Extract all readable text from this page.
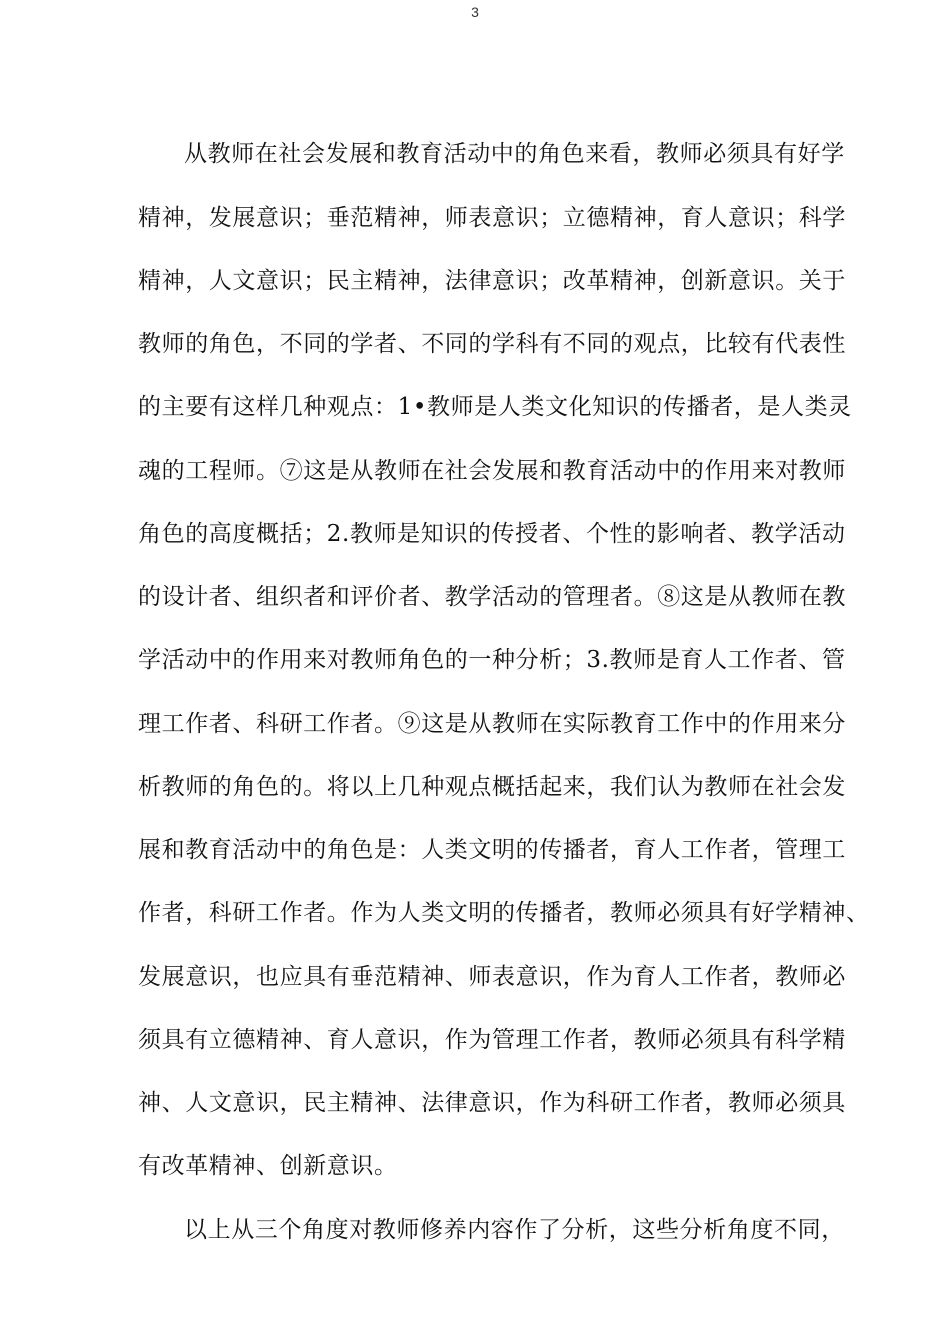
3
从教师在社会发展和教育活动中的角色来看，教师必须具有好学
精神，发展意识；垂范精神，师表意识；立德精神，育人意识；科学
精神，人文意识；民主精神，法律意识；改革精神，创新意识。关于
教师的角色，不同的学者、不同的学科有不同的观点，比较有代表性
的主要有这样几种观点：1•教师是人类文化知识的传播者，是人类灵
魂的工程师。⑦这是从教师在社会发展和教育活动中的作用来对教师
角色的高度概括；2.教师是知识的传授者、个性的影响者、教学活动
的设计者、组织者和评价者、教学活动的管理者。⑧这是从教师在教
学活动中的作用来对教师角色的一种分析；3.教师是育人工作者、管
理工作者、科研工作者。⑨这是从教师在实际教育工作中的作用来分
析教师的角色的。将以上几种观点概括起来，我们认为教师在社会发
展和教育活动中的角色是：人类文明的传播者，育人工作者，管理工
作者，科研工作者。作为人类文明的传播者，教师必须具有好学精神、
发展意识，也应具有垂范精神、师表意识，作为育人工作者，教师必
须具有立德精神、育人意识，作为管理工作者，教师必须具有科学精
神、人文意识，民主精神、法律意识，作为科研工作者，教师必须具
有改革精神、创新意识。
以上从三个角度对教师修养内容作了分析，这些分析角度不同，
